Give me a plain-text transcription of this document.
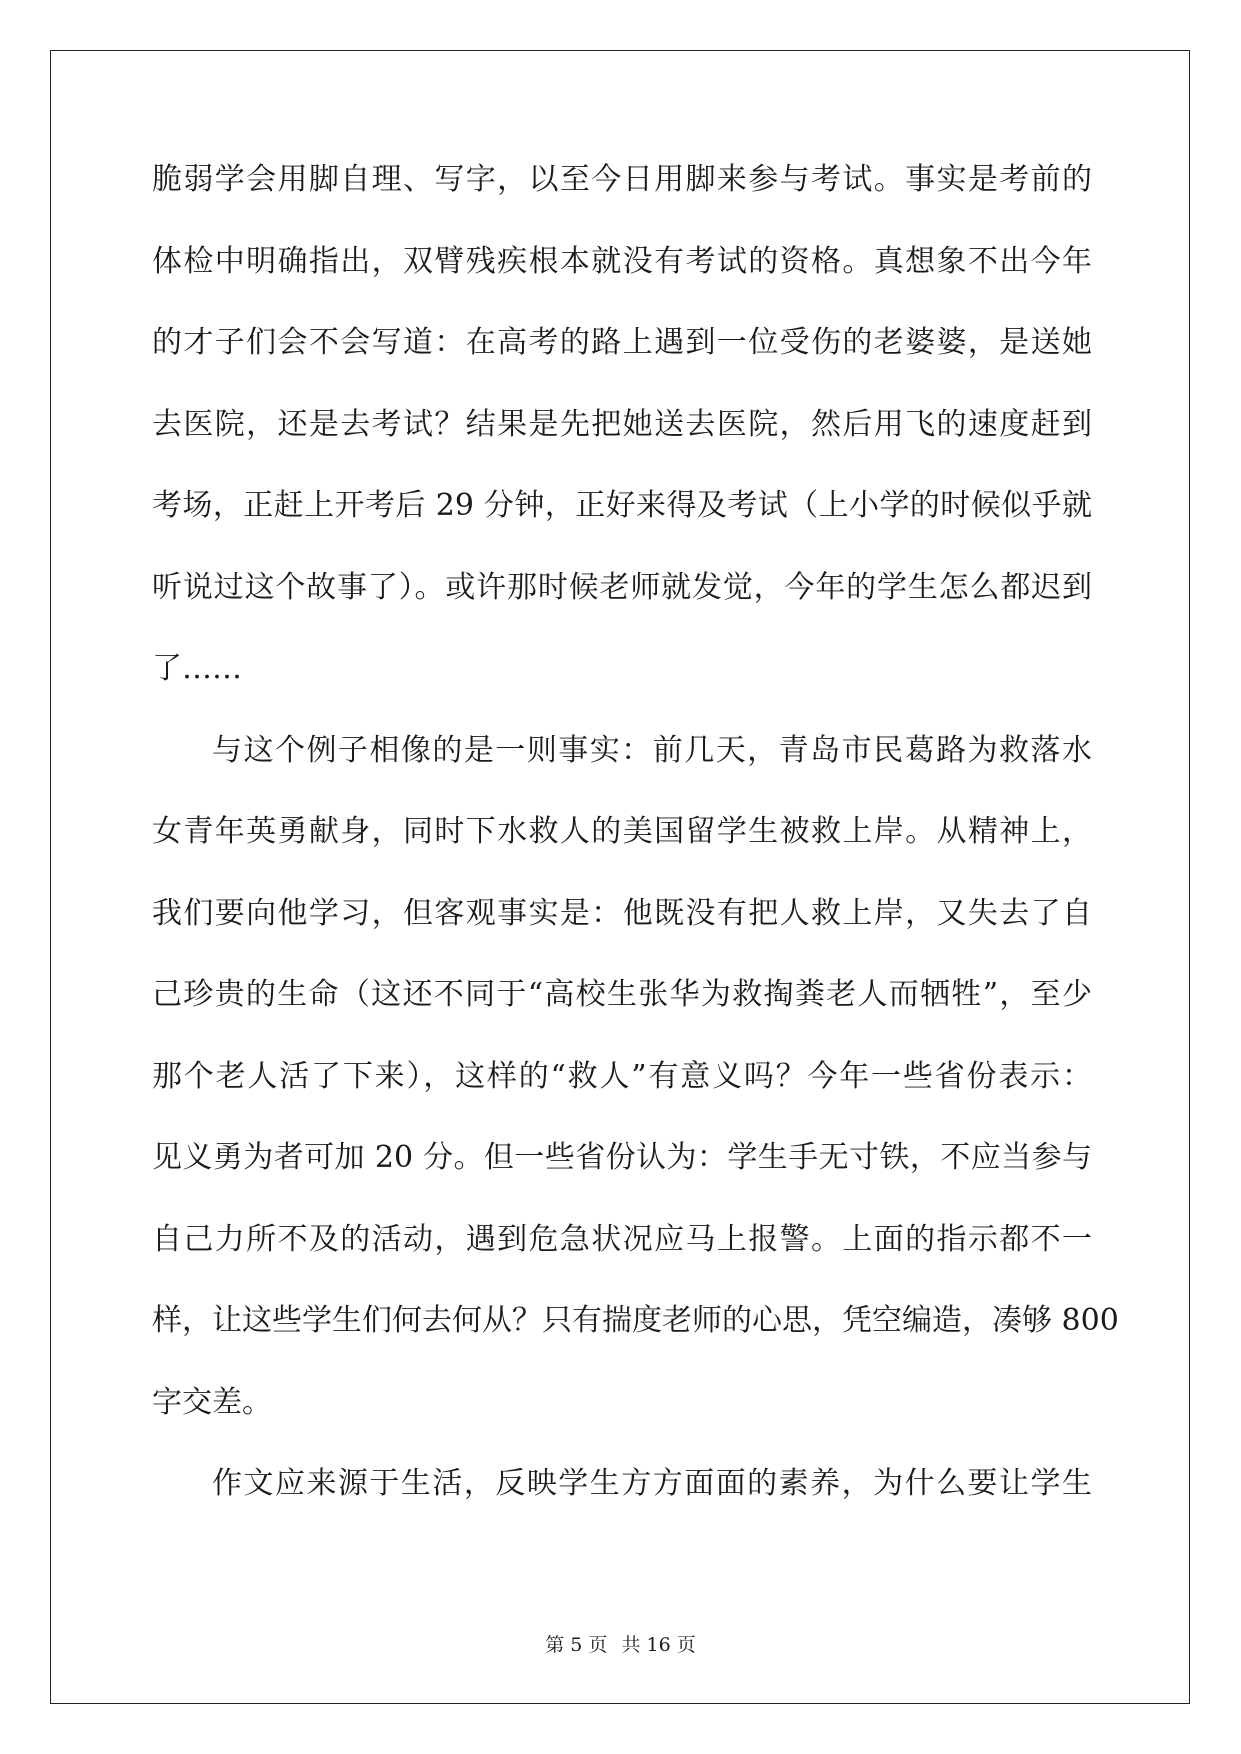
脆弱学会用脚自理、写字，以至今日用脚来参与考试。事实是考前的
体检中明确指出，双臂残疾根本就没有考试的资格。真想象不出今年
的才子们会不会写道：在高考的路上遇到一位受伤的老婆婆，是送她
去医院，还是去考试？结果是先把她送去医院，然后用飞的速度赶到
考场，正赶上开考后 29 分钟，正好来得及考试（上小学的时候似乎就
听说过这个故事了）。或许那时候老师就发觉，今年的学生怎么都迟到
了……
与这个例子相像的是一则事实：前几天，青岛市民葛路为救落水
女青年英勇献身，同时下水救人的美国留学生被救上岸。从精神上，
我们要向他学习，但客观事实是：他既没有把人救上岸，又失去了自
己珍贵的生命（这还不同于“高校生张华为救掏粪老人而牺牲”，至少
那个老人活了下来），这样的“救人”有意义吗？今年一些省份表示：
见义勇为者可加 20 分。但一些省份认为：学生手无寸铁，不应当参与
自己力所不及的活动，遇到危急状况应马上报警。上面的指示都不一
样，让这些学生们何去何从？只有揣度老师的心思，凭空编造，凑够 800
字交差。
作文应来源于生活，反映学生方方面面的素养，为什么要让学生
第 5 页 共 16 页
